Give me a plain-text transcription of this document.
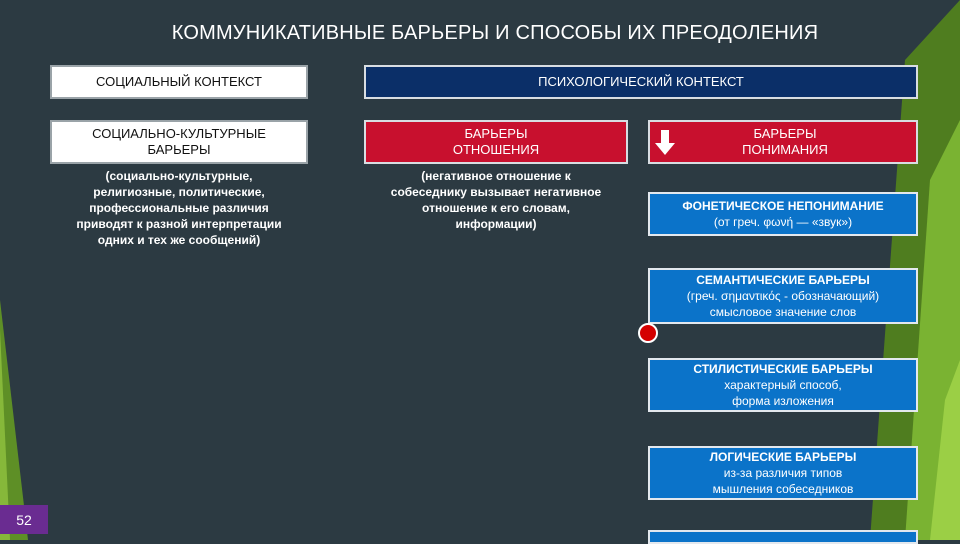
КОММУНИКАТИВНЫЕ БАРЬЕРЫ И СПОСОБЫ ИХ ПРЕОДОЛЕНИЯ
СОЦИАЛЬНЫЙ КОНТЕКСТ	ПСИХОЛОГИЧЕСКИЙ КОНТЕКСТ
СОЦИАЛЬНО-КУЛЬТУРНЫЕ
БАРЬЕРЫ
(социально-культурные,
религиозные, политические,
профессиональные различия
приводят к разной интерпретации
одних и тех же сообщений)
БАРЬЕРЫ
ОТНОШЕНИЯ
(негативное отношение к
собеседнику вызывает негативное
отношение к его словам,
информации)
БАРЬЕРЫ
ПОНИМАНИЯ
ФОНЕТИЧЕСКОЕ НЕПОНИМАНИЕ
(от греч. φωνή — «звук»)
СЕМАНТИЧЕСКИЕ БАРЬЕРЫ
(греч. σημαντικός - обозначающий)
смысловое значение слов
СТИЛИСТИЧЕСКИЕ БАРЬЕРЫ
характерный способ,
форма изложения
ЛОГИЧЕСКИЕ БАРЬЕРЫ
из-за различия типов
мышления собеседников
52
